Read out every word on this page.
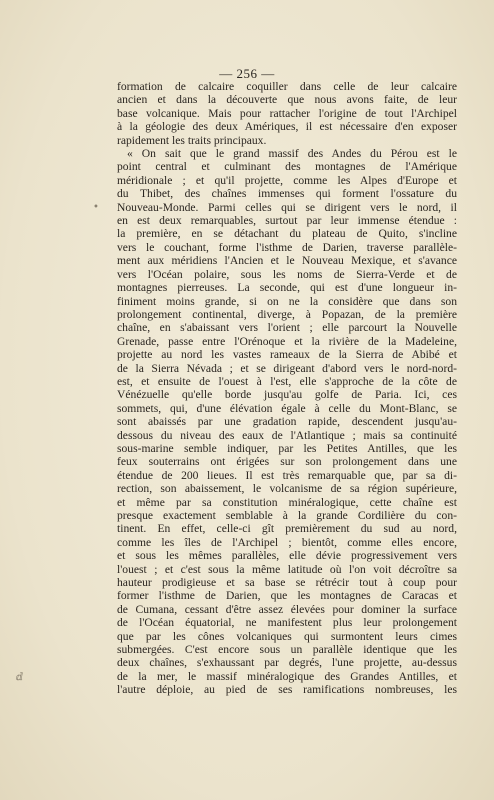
— 256 —
formation de calcaire coquiller dans celle de leur calcaire
ancien et dans la découverte que nous avons faite, de leur
base volcanique. Mais pour rattacher l'origine de tout l'Archipel
à la géologie des deux Amériques, il est nécessaire d'en exposer
rapidement les traits principaux.
« On sait que le grand massif des Andes du Pérou est le
point central et culminant des montagnes de l'Amérique
méridionale ; et qu'il projette, comme les Alpes d'Europe et
du Thibet, des chaînes immenses qui forment l'ossature du
Nouveau-Monde. Parmi celles qui se dirigent vers le nord, il
en est deux remarquables, surtout par leur immense étendue :
la première, en se détachant du plateau de Quito, s'incline
vers le couchant, forme l'isthme de Darien, traverse parallèle-
ment aux méridiens l'Ancien et le Nouveau Mexique, et s'avance
vers l'Océan polaire, sous les noms de Sierra-Verde et de
montagnes pierreuses. La seconde, qui est d'une longueur in-
finiment moins grande, si on ne la considère que dans son
prolongement continental, diverge, à Popazan, de la première
chaîne, en s'abaissant vers l'orient ; elle parcourt la Nouvelle
Grenade, passe entre l'Orénoque et la rivière de la Madeleine,
projette au nord les vastes rameaux de la Sierra de Abibé et
de la Sierra Névada ; et se dirigeant d'abord vers le nord-nord-
est, et ensuite de l'ouest à l'est, elle s'approche de la côte de
Vénézuelle qu'elle borde jusqu'au golfe de Paria. Ici, ces
sommets, qui, d'une élévation égale à celle du Mont-Blanc, se
sont abaissés par une gradation rapide, descendent jusqu'au-
dessous du niveau des eaux de l'Atlantique ; mais sa continuité
sous-marine semble indiquer, par les Petites Antilles, que les
feux souterrains ont érigées sur son prolongement dans une
étendue de 200 lieues. Il est très remarquable que, par sa di-
rection, son abaissement, le volcanisme de sa région supérieure,
et même par sa constitution minéralogique, cette chaîne est
presque exactement semblable à la grande Cordilière du con-
tinent. En effet, celle-ci gît premièrement du sud au nord,
comme les îles de l'Archipel ; bientôt, comme elles encore,
et sous les mêmes parallèles, elle dévie progressivement vers
l'ouest ; et c'est sous la même latitude où l'on voit décroître sa
hauteur prodigieuse et sa base se rétrécir tout à coup pour
former l'isthme de Darien, que les montagnes de Caracas et
de Cumana, cessant d'être assez élevées pour dominer la surface
de l'Océan équatorial, ne manifestent plus leur prolongement
que par les cônes volcaniques qui surmontent leurs cimes
submergées. C'est encore sous un parallèle identique que les
deux chaînes, s'exhaussant par degrés, l'une projette, au-dessus
de la mer, le massif minéralogique des Grandes Antilles, et
l'autre déploie, au pied de ses ramifications nombreuses, les
•
ⅆ
